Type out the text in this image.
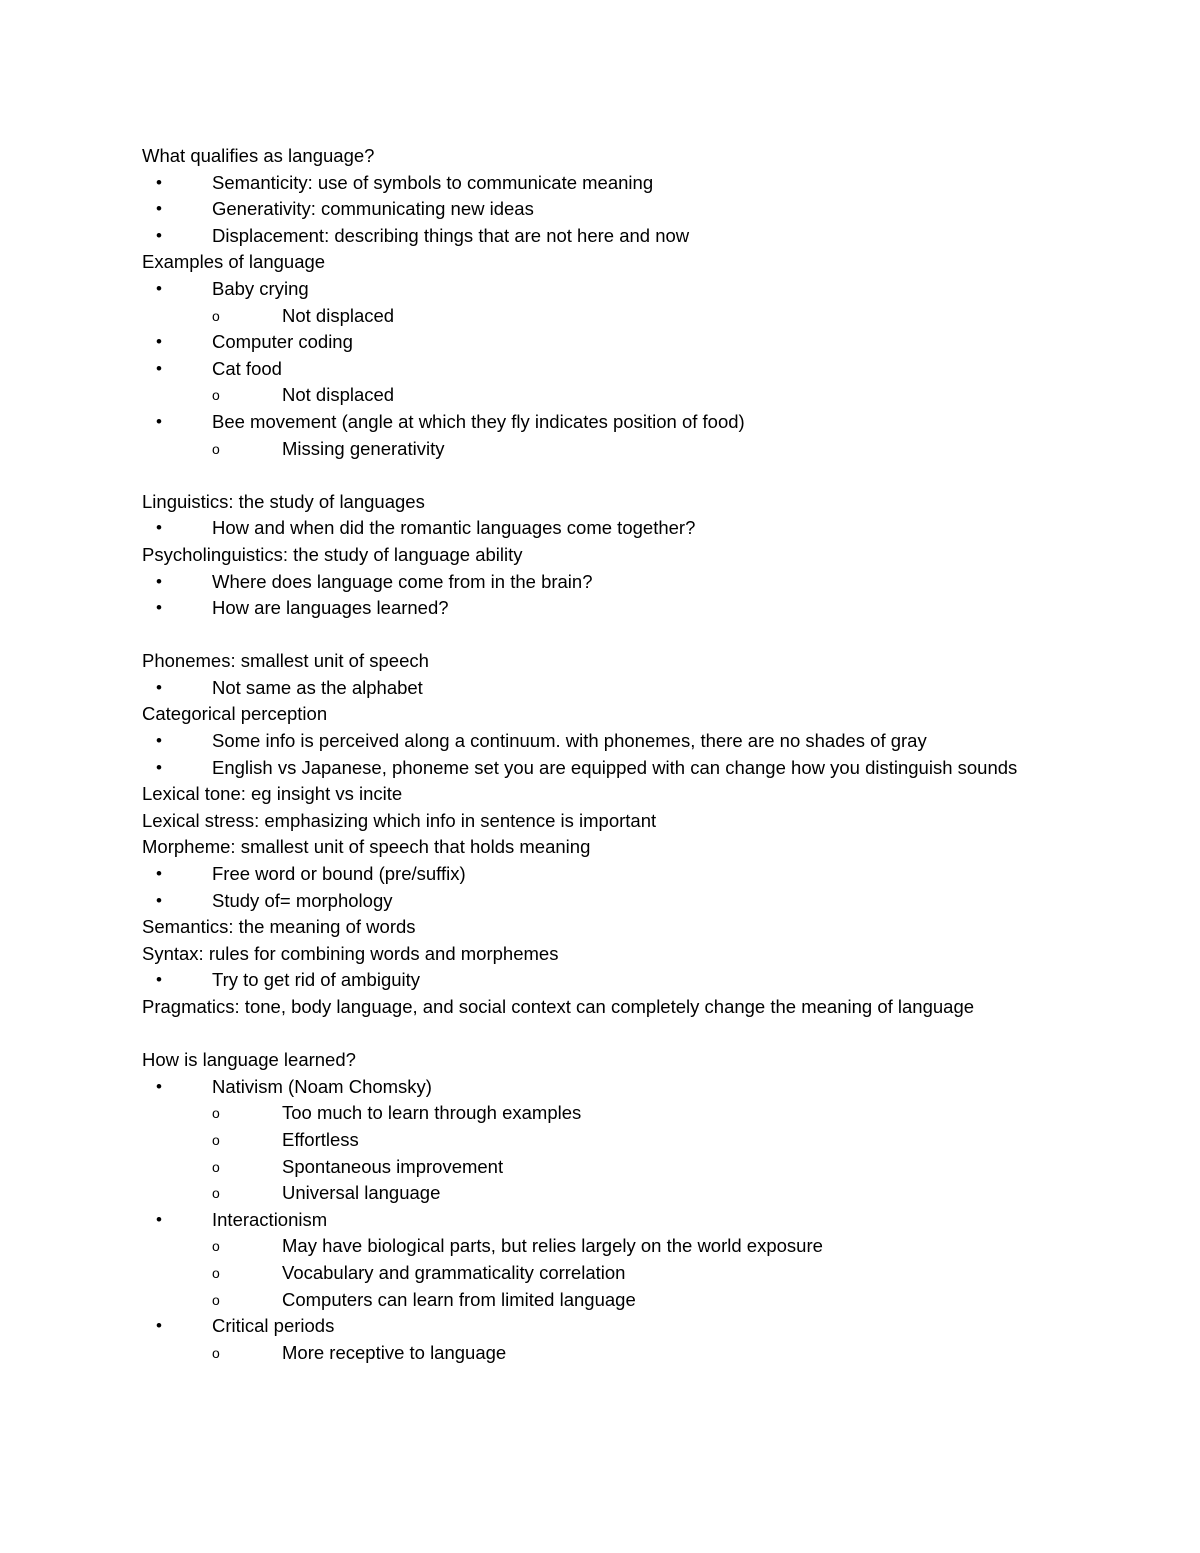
What qualifies as language?
•	Semanticity: use of symbols to communicate meaning
•	Generativity: communicating new ideas
•	Displacement: describing things that are not here and now
Examples of language
•	Baby crying
o	Not displaced
•	Computer coding
•	Cat food
o	Not displaced
•	Bee movement (angle at which they fly indicates position of food)
o	Missing generativity
Linguistics: the study of languages
•	How and when did the romantic languages come together?
Psycholinguistics: the study of language ability
•	Where does language come from in the brain?
•	How are languages learned?
Phonemes: smallest unit of speech
•	Not same as the alphabet
Categorical perception
•	Some info is perceived along a continuum. with phonemes, there are no shades of gray
•	English vs Japanese, phoneme set you are equipped with can change how you distinguish sounds
Lexical tone: eg insight vs incite
Lexical stress: emphasizing which info in sentence is important
Morpheme: smallest unit of speech that holds meaning
•	Free word or bound (pre/suffix)
•	Study of= morphology
Semantics: the meaning of words
Syntax: rules for combining words and morphemes
•	Try to get rid of ambiguity
Pragmatics: tone, body language, and social context can completely change the meaning of language
How is language learned?
•	Nativism (Noam Chomsky)
o	Too much to learn through examples
o	Effortless
o	Spontaneous improvement
o	Universal language
•	Interactionism
o	May have biological parts, but relies largely on the world exposure
o	Vocabulary and grammaticality correlation
o	Computers can learn from limited language
•	Critical periods
o	More receptive to language
